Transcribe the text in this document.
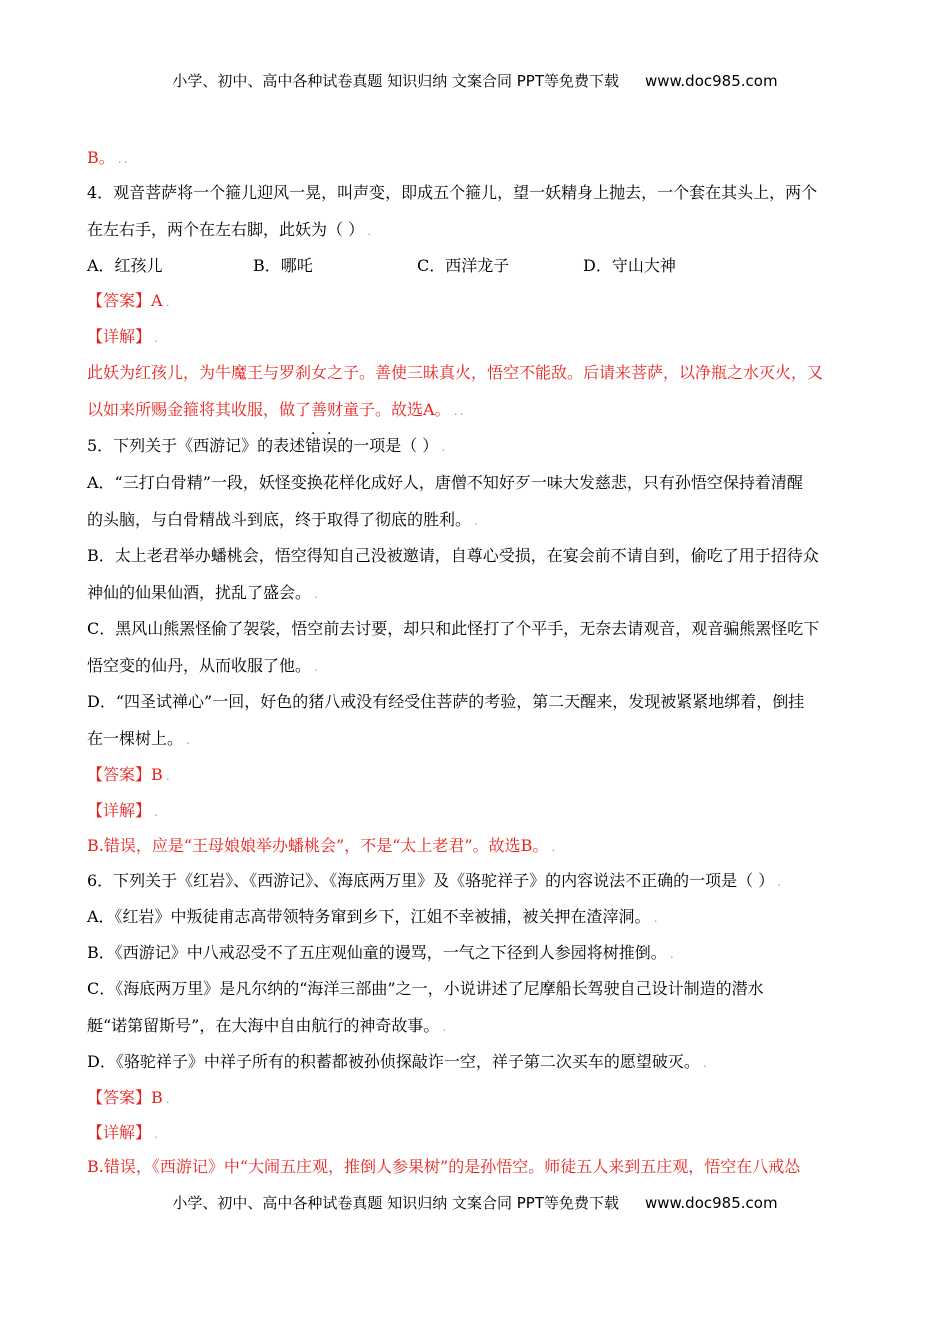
小学、初中、高中各种试卷真题 知识归纳 文案合同 PPT等免费下载 www.doc985.com
B。 ..
4．观音菩萨将一个箍儿迎风一晃，叫声变，即成五个箍儿，望一妖精身上抛去，一个套在其头上，两个
在左右手，两个在左右脚，此妖为（ ） .
A．红孩儿	B．哪吒	C．西洋龙子	D．守山大神
【答案】A .
【详解】 .
此妖为红孩儿，为牛魔王与罗刹女之子。善使三昧真火，悟空不能敌。后请来菩萨，以净瓶之水灭火，又
以如来所赐金箍将其收服，做了善财童子。故选A。 ..
5．下列关于《西游记》的表述错误的一项是（ ） .
A．“三打白骨精”一段，妖怪变换花样化成好人，唐僧不知好歹一味大发慈悲，只有孙悟空保持着清醒
的头脑，与白骨精战斗到底，终于取得了彻底的胜利。 .
B．太上老君举办蟠桃会，悟空得知自己没被邀请，自尊心受损，在宴会前不请自到，偷吃了用于招待众
神仙的仙果仙酒，扰乱了盛会。 .
C．黑风山熊罴怪偷了袈裟，悟空前去讨要，却只和此怪打了个平手，无奈去请观音，观音骗熊罴怪吃下
悟空变的仙丹，从而收服了他。 .
D．“四圣试禅心”一回，好色的猪八戒没有经受住菩萨的考验，第二天醒来，发现被紧紧地绑着，倒挂
在一棵树上。 .
【答案】B .
【详解】 .
B.错误，应是“王母娘娘举办蟠桃会”，不是“太上老君”。故选B。 .
6．下列关于《红岩》、《西游记》、《海底两万里》及《骆驼祥子》的内容说法不正确的一项是（ ） .
A．《红岩》中叛徒甫志高带领特务窜到乡下，江姐不幸被捕，被关押在渣滓洞。 .
B．《西游记》中八戒忍受不了五庄观仙童的谩骂，一气之下径到人参园将树推倒。 .
C．《海底两万里》是凡尔纳的“海洋三部曲”之一，小说讲述了尼摩船长驾驶自己设计制造的潜水
艇“诺第留斯号”，在大海中自由航行的神奇故事。 .
D．《骆驼祥子》中祥子所有的积蓄都被孙侦探敲诈一空，祥子第二次买车的愿望破灭。 .
【答案】B .
【详解】 .
B.错误，《西游记》中“大闹五庄观，推倒人参果树”的是孙悟空。师徒五人来到五庄观，悟空在八戒怂
小学、初中、高中各种试卷真题 知识归纳 文案合同 PPT等免费下载 www.doc985.com
